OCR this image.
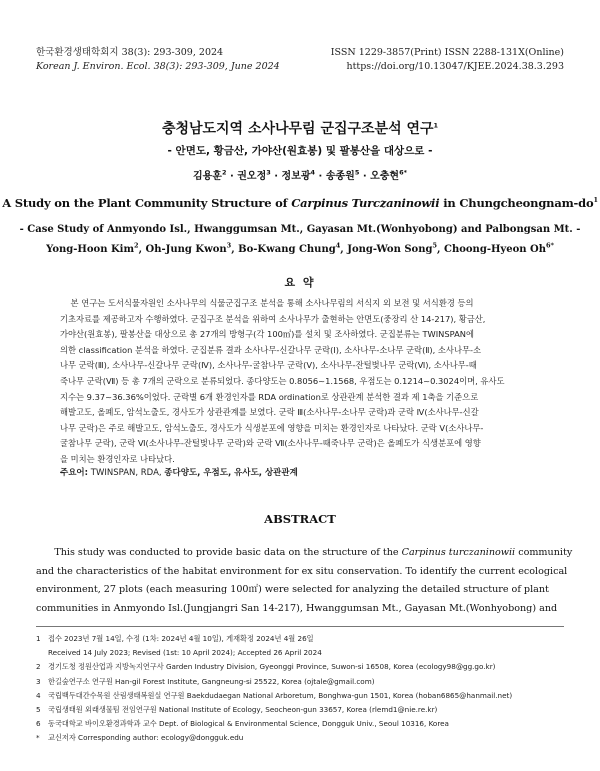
한국환경생태학회지 38(3): 293-309, 2024
Korean J. Environ. Ecol. 38(3): 293-309, June 2024
ISSN 1229-3857(Print) ISSN 2288-131X(Online)
https://doi.org/10.13047/KJEE.2024.38.3.293
충청남도지역 소사나무림 군집구조분석 연구$^1$
- 안면도, 황금산, 가야산(원효봉) 및 팔봉산을 대상으로 -
김용훈$^2$ · 권오정$^3$ · 정보광$^4$ · 송종원$^5$ · 오충현$^{6*}$
A Study on the Plant Community Structure of Carpinus Turczaninowii in Chungcheongnam-$do^1$
- Case Study of Anmyondo Isl., Hwanggumsan Mt., Gayasan Mt.(Wonhyobong) and Palbongsan Mt. -
Yong-Hoon Kim$^2$, Oh-Jung Kwon$^3$, Bo-Kwang Chung$^4$, Jong-Won Song$^5$, Choong-Hyeon $Oh^{6*}$
요 약
본 연구는 도서식물자원인 소사나무의 식물군집구조 분석을 통해 소사나무림의 서식지 외 보전 및 서식환경 등의
기초자료를 제공하고자 수행하였다. 군집구조 분석을 위하여 소사나무가 출현하는 안면도(중장리 산 14-217), 황금산,
가야산(원효봉), 팔봉산을 대상으로 총 27개의 방형구(각 100㎡)를 설치 및 조사하였다. 군집분류는 TWINSPAN에
의한 classification 분석을 하였다. 군집분류 결과 소사나무-신갈나무 군락(Ⅰ), 소사나무-소나무 군락(Ⅱ), 소사나무-소
나무 군락(Ⅲ), 소사나무-신갈나무 군락(Ⅳ), 소사나무-굴참나무 군락(Ⅴ), 소사나무-잔털벚나무 군락(Ⅵ), 소사나무-때
죽나무 군락(Ⅶ) 등 총 7개의 군락으로 분류되었다. 종다양도는 0.8056~1.1568, 우점도는 0.1214~0.3024이며, 유사도
지수는 9.37~36.36%이었다. 군락별 6개 환경인자를 RDA ordination로 상관관계 분석한 결과 제 1축을 기준으로
해발고도, 올폐도, 암석노출도, 경사도가 상관관계를 보였다. 군락 Ⅲ(소사나무-소나무 군락)과 군락 Ⅳ(소사나무-신갈
나무 군락)은 주로 해발고도, 암석노출도, 경사도가 식생분포에 영향을 미치는 환경인자로 나타났다. 군락 Ⅴ(소사나무-
굴참나무 군락), 군락 Ⅵ(소사나무-잔털벚나무 군락)와 군락 Ⅶ(소사나무-때죽나무 군락)은 올폐도가 식생분포에 영향
을 미치는 환경인자로 나타났다.
주요어: TWINSPAN, RDA, 종다양도, 우점도, 유사도, 상관관계
ABSTRACT
This study was conducted to provide basic data on the structure of the Carpinus turczaninowii community
and the characteristics of the habitat environment for ex situ conservation. To identify the current ecological
environment, 27 plots (each measuring 100㎡) were selected for analyzing the detailed structure of plant
communities in Anmyondo Isl.(Jungjangri San 14-217), Hwanggumsan Mt., Gayasan Mt.(Wonhyobong) and
1 접수 2023년 7월 14일, 수정 (1차: 2024년 4월 10일), 게재확정 2024년 4월 26일
Received 14 July 2023; Revised (1st: 10 April 2024); Accepted 26 April 2024
2 경기도청 정원산업과 지방녹지연구사 Garden Industry Division, Gyeonggi Province, Suwon-si 16508, Korea (ecology98@gg.go.kr)
3 한길숲연구소 연구원 Han-gil Forest Institute, Gangneung-si 25522, Korea (ojtale@gmail.com)
4 국립백두대간수목원 산림생태복원실 연구원 Baekdudaegan National Arboretum, Bonghwa-gun 1501, Korea (hoban6865@hanmail.net)
5 국립생태원 외래생물팀 전임연구원 National Institute of Ecology, Seocheon-gun 33657, Korea (rlemd1@nie.re.kr)
6 동국대학교 바이오환경과학과 교수 Dept. of Biological & Environmental Science, Dongguk Univ., Seoul 10316, Korea
* 교신저자 Corresponding author: ecology@dongguk.edu
